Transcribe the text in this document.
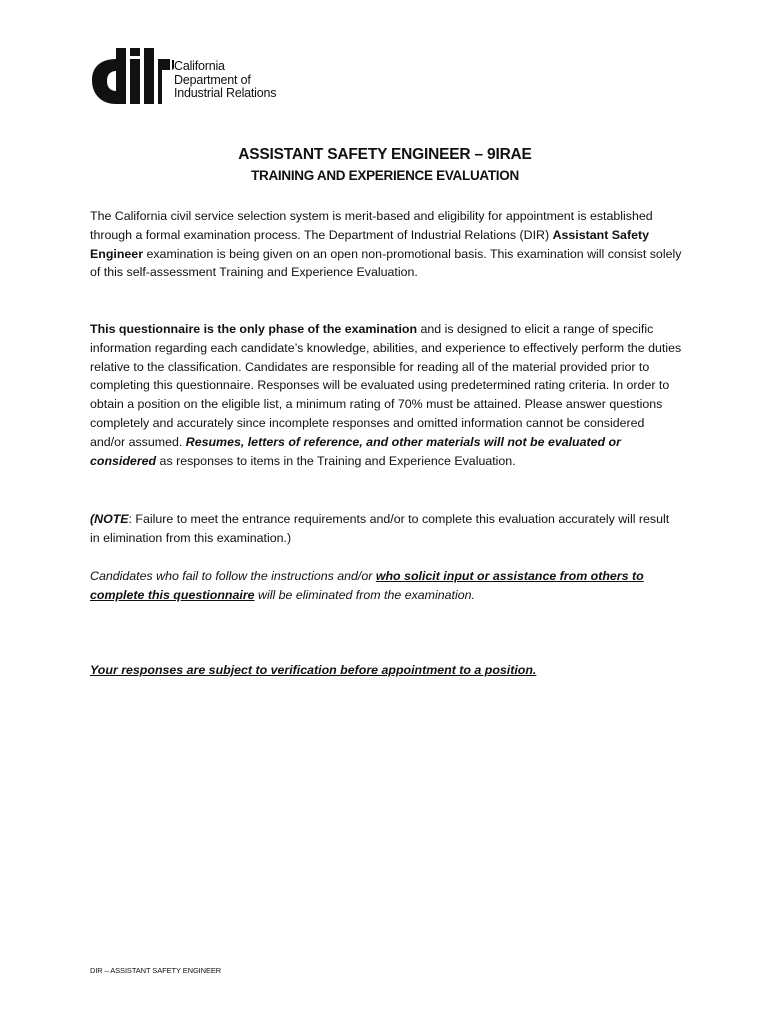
California
Department of
Industrial Relations
ASSISTANT SAFETY ENGINEER – 9IRAE
TRAINING AND EXPERIENCE EVALUATION
The California civil service selection system is merit-based and eligibility for appointment is established through a formal examination process. The Department of Industrial Relations (DIR) Assistant Safety Engineer examination is being given on an open non-promotional basis. This examination will consist solely of this self-assessment Training and Experience Evaluation.
This questionnaire is the only phase of the examination and is designed to elicit a range of specific information regarding each candidate’s knowledge, abilities, and experience to effectively perform the duties relative to the classification. Candidates are responsible for reading all of the material provided prior to completing this questionnaire. Responses will be evaluated using predetermined rating criteria. In order to obtain a position on the eligible list, a minimum rating of 70% must be attained. Please answer questions completely and accurately since incomplete responses and omitted information cannot be considered and/or assumed. Resumes, letters of reference, and other materials will not be evaluated or considered as responses to items in the Training and Experience Evaluation.
(NOTE: Failure to meet the entrance requirements and/or to complete this evaluation accurately will result in elimination from this examination.)
Candidates who fail to follow the instructions and/or who solicit input or assistance from others to complete this questionnaire will be eliminated from the examination.
Your responses are subject to verification before appointment to a position.
DIR – ASSISTANT SAFETY ENGINEER
